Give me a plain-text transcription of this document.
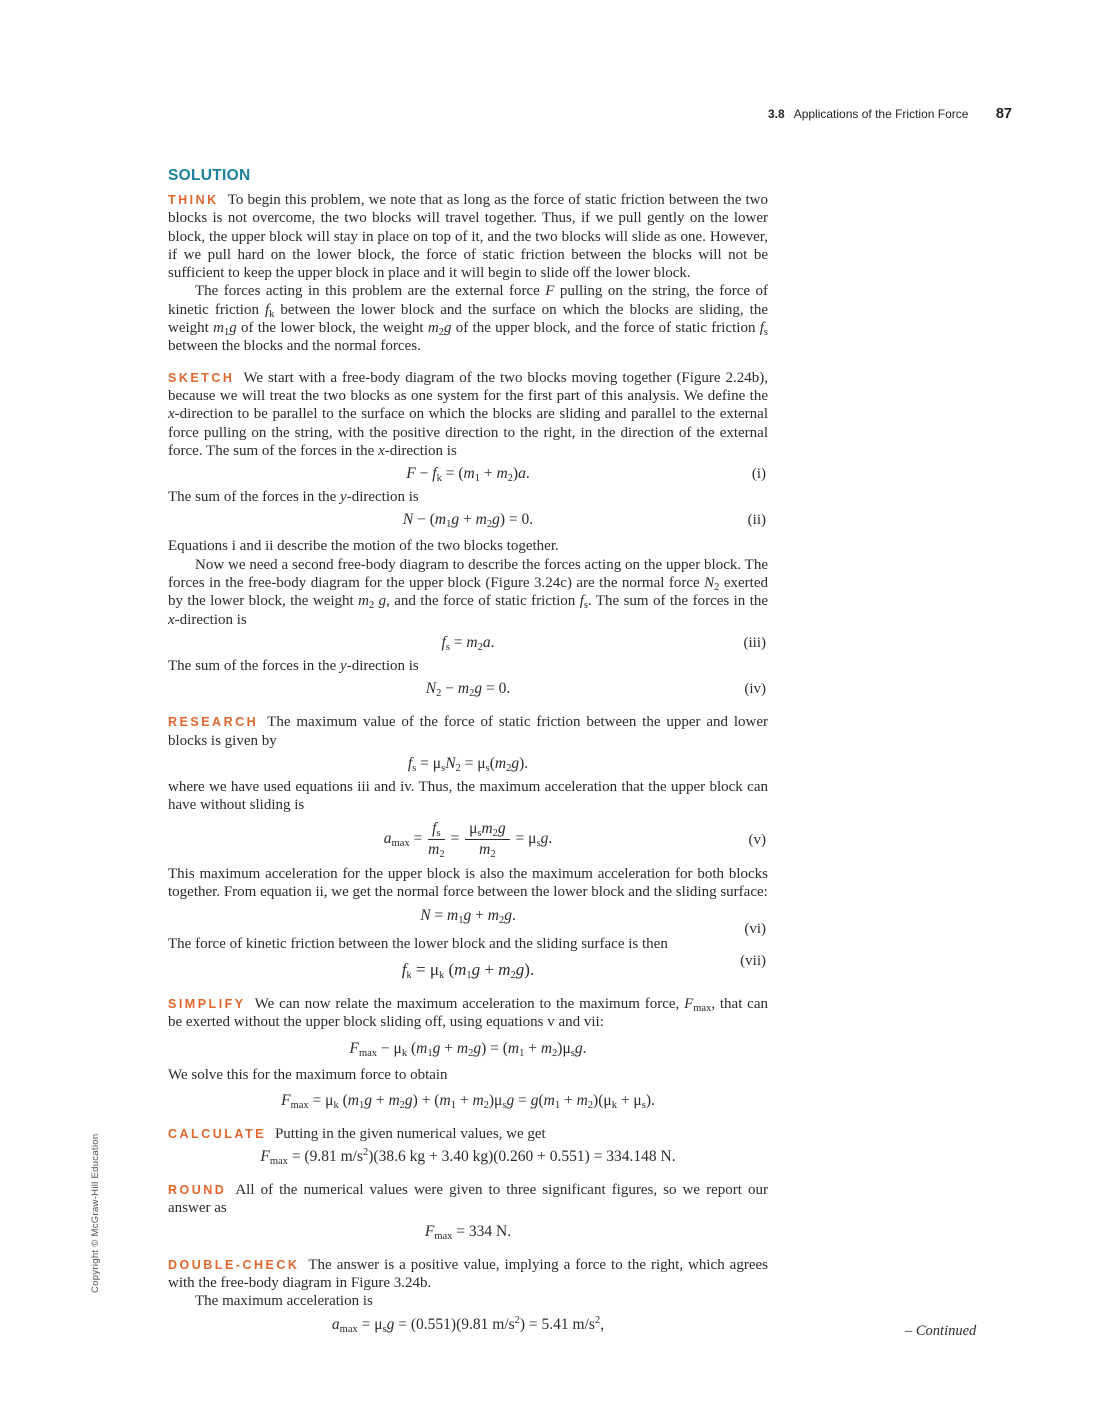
3.8 Applications of the Friction Force 87
Copyright © McGraw-Hill Education
SOLUTION

THINK To begin this problem, we note that as long as the force of static friction between the two blocks is not overcome, the two blocks will travel together. Thus, if we pull gently on the lower block, the upper block will stay in place on top of it, and the two blocks will slide as one. However, if we pull hard on the lower block, the force of static friction between the blocks will not be sufficient to keep the upper block in place and it will begin to slide off the lower block.

The forces acting in this problem are the external force F pulling on the string, the force of kinetic friction $f_k$ between the lower block and the surface on which the blocks are sliding, the weight $m_1g$ of the lower block, the weight $m_2g$ of the upper block, and the force of static friction $f_s$ between the blocks and the normal forces.

SKETCH We start with a free-body diagram of the two blocks moving together (Figure 2.24b), because we will treat the two blocks as one system for the first part of this analysis. We define the x-direction to be parallel to the surface on which the blocks are sliding and parallel to the external force pulling on the string, with the positive direction to the right, in the direction of the external force. The sum of the forces in the x-direction is

$F - f_k = (m_1 + m_2)a$.	(i)

The sum of the forces in the y-direction is

$N - (m_1g + m_2g) = 0$.	(ii)

Equations i and ii describe the motion of the two blocks together.

Now we need a second free-body diagram to describe the forces acting on the upper block. The forces in the free-body diagram for the upper block (Figure 3.24c) are the normal force $N_2$ exerted by the lower block, the weight $m_2$ g, and the force of static friction $f_s$. The sum of the forces in the x-direction is

$f_s = m_2a$.	(iii)

The sum of the forces in the y-direction is

$N_2 - m_2g = 0$.	(iv)

RESEARCH The maximum value of the force of static friction between the upper and lower blocks is given by

$f_s = \mu_sN_2 = \mu_s(m_2g)$.

where we have used equations iii and iv. Thus, the maximum acceleration that the upper block can have without sliding is

$a_{max} = \frac{f_s}{m_2} = \frac{\mu_sm_2g}{m_2} = \mu_sg$.	(v)

This maximum acceleration for the upper block is also the maximum acceleration for both blocks together. From equation ii, we get the normal force between the lower block and the sliding surface:

$N = m_1g + m_2g$.
(vi)

The force of kinetic friction between the lower block and the sliding surface is then

$f_k = \mu_k$ $(m_1g + m_2g)$.	(vii)

SIMPLIFY We can now relate the maximum acceleration to the maximum force, $F_{max}$, that can be exerted without the upper block sliding off, using equations v and vii:

$F_{max} - \mu_k$ $(m_1g + m_2g) = (m_1 + m_2)\mu_sg$.

We solve this for the maximum force to obtain

$F_{max} = \mu_k$ $(m_1g + m_2g) + (m_1 + m_2)\mu_sg = g(m_1 + m_2)(\mu_k + \mu_s)$.

CALCULATE Putting in the given numerical values, we get

$F_{max} = (9.81$ $m/s^2)(38.6$ kg + 3.40 kg)(0.260 + 0.551) = 334.148 N.

ROUND All of the numerical values were given to three significant figures, so we report our answer as

$F_{max} = 334$ N.

DOUBLE-CHECK The answer is a positive value, implying a force to the right, which agrees with the free-body diagram in Figure 3.24b.

The maximum acceleration is

$a_{max} = \mu_sg = (0.551)(9.81$ $m/s^2) = 5.41$ $m/s^2$,	– Continued
